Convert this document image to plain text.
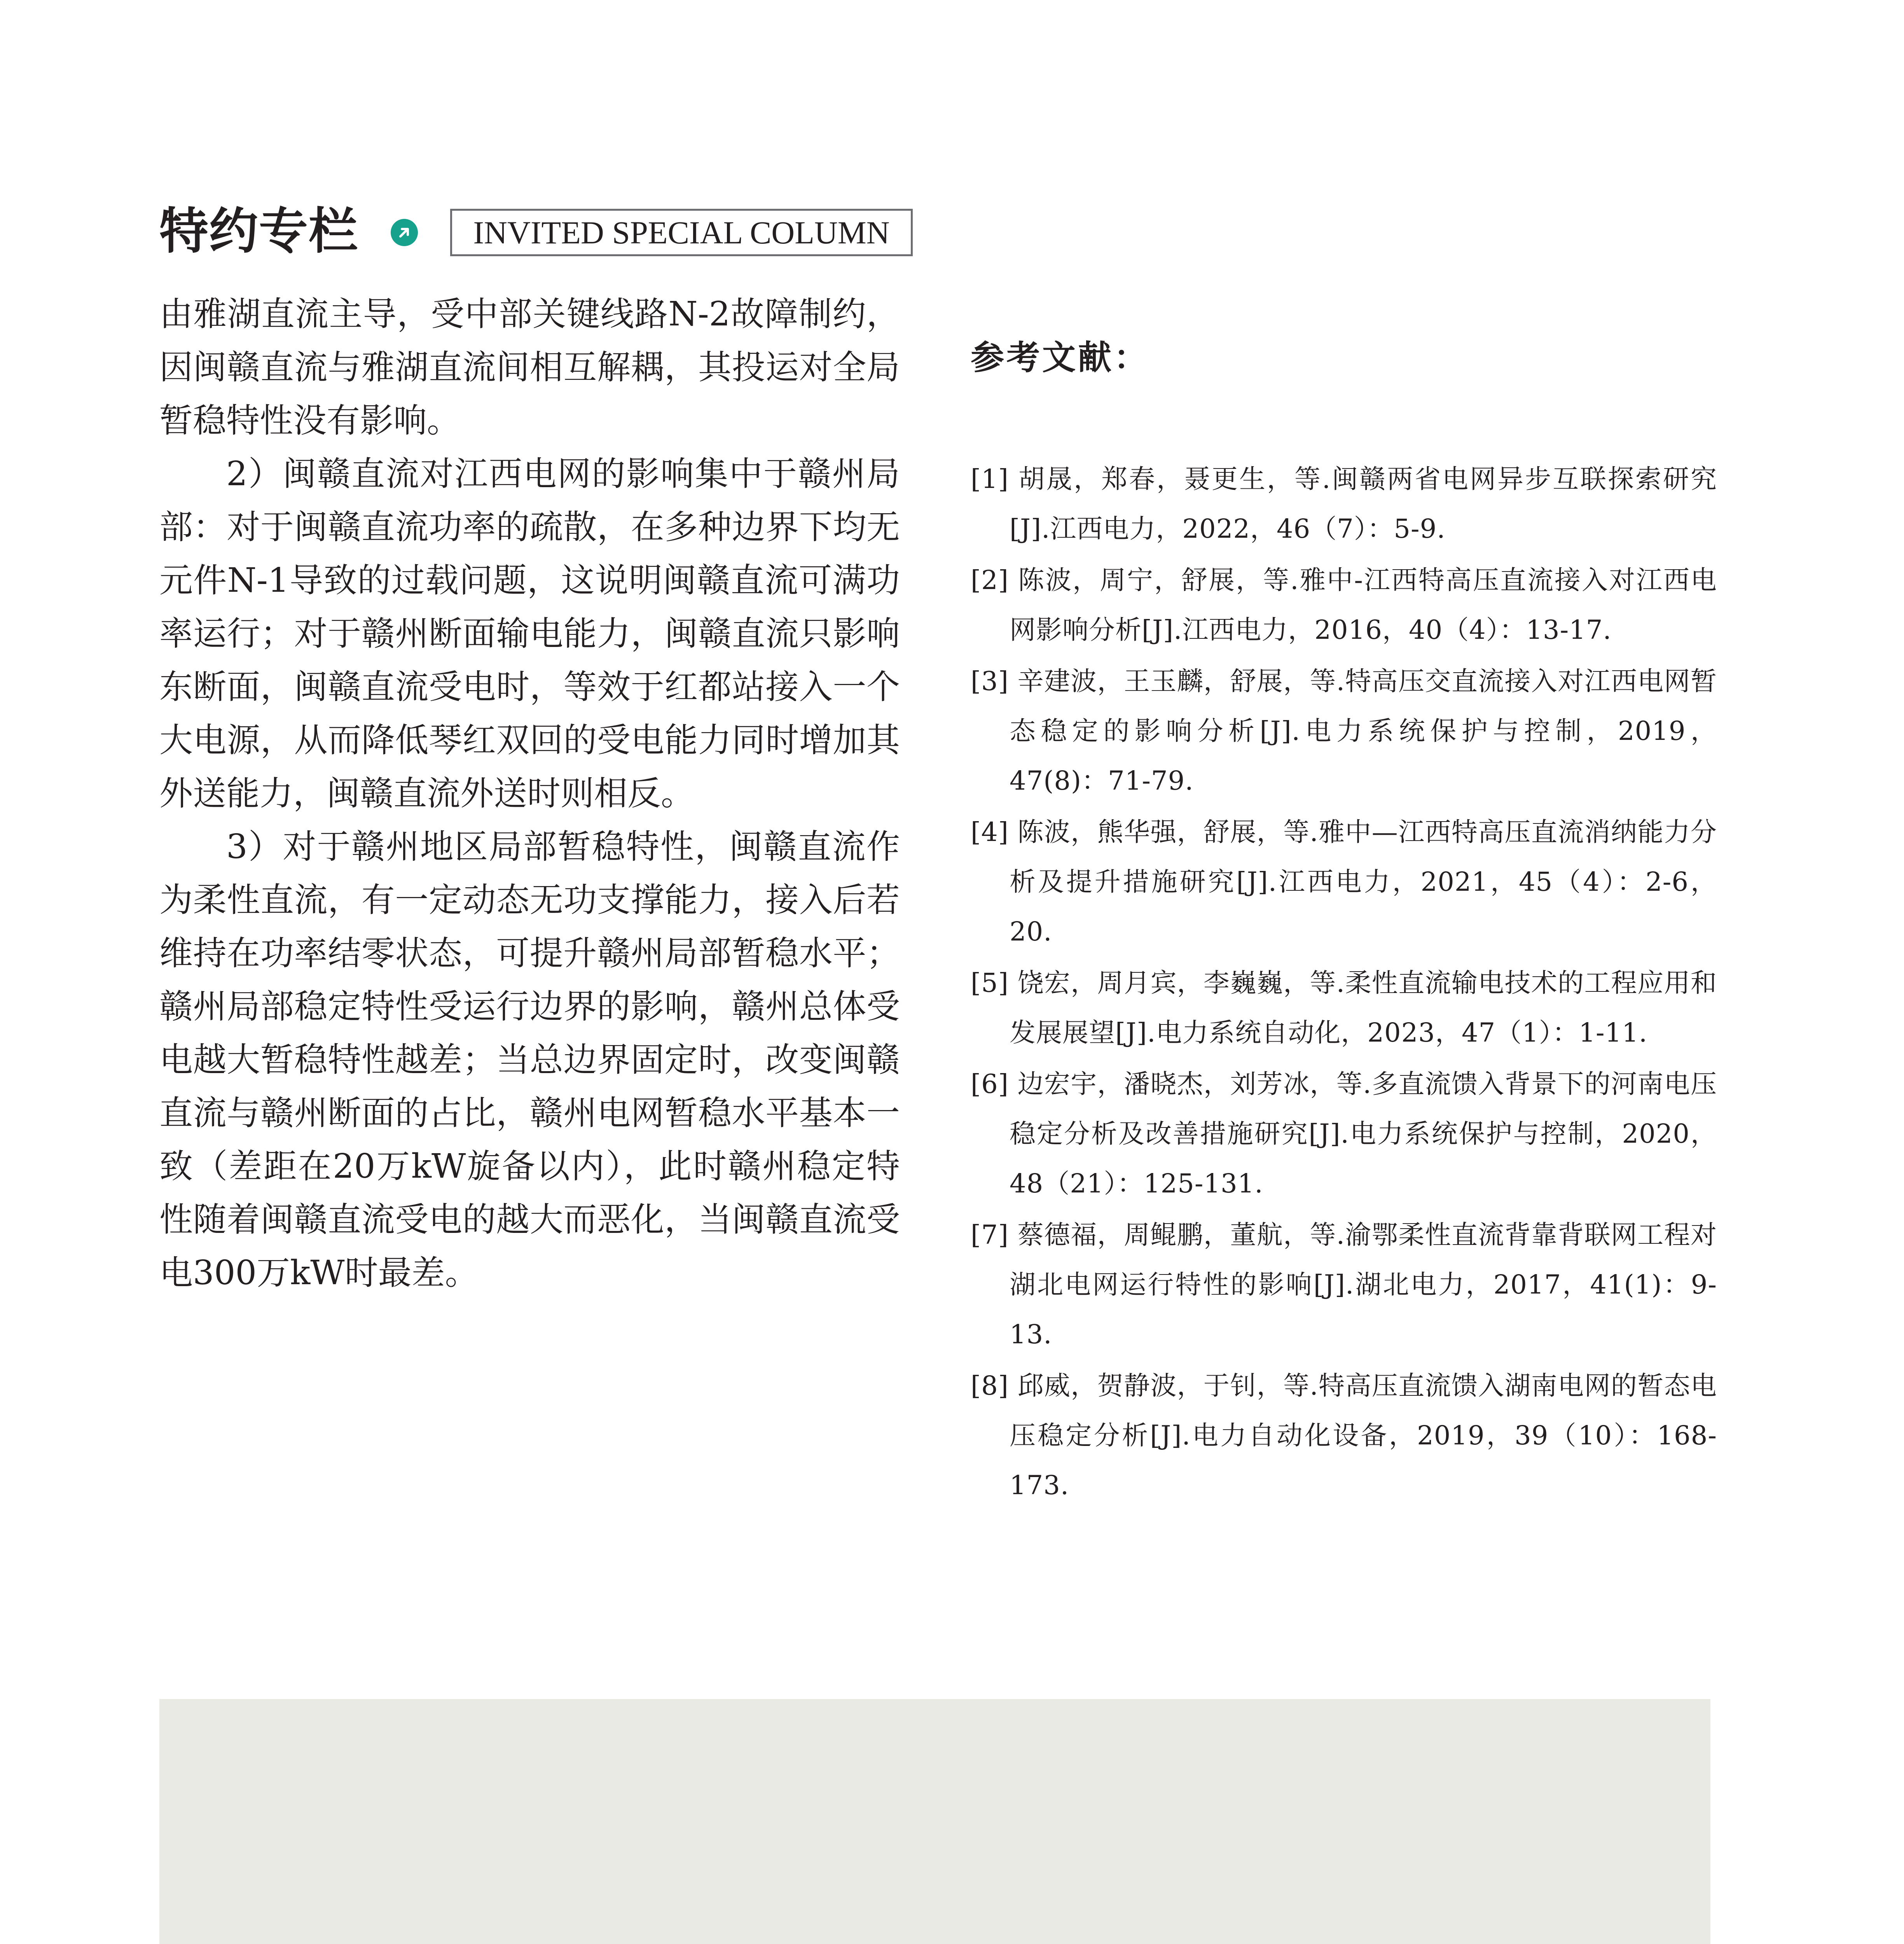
特约专栏	INVITED SPECIAL COLUMN

由雅湖直流主导，受中部关键线路N-2故障制约，因闽赣直流与雅湖直流间相互解耦，其投运对全局暂稳特性没有影响。

2）闽赣直流对江西电网的影响集中于赣州局部：对于闽赣直流功率的疏散，在多种边界下均无元件N-1导致的过载问题，这说明闽赣直流可满功率运行；对于赣州断面输电能力，闽赣直流只影响东断面，闽赣直流受电时，等效于红都站接入一个大电源，从而降低琴红双回的受电能力同时增加其外送能力，闽赣直流外送时则相反。

3）对于赣州地区局部暂稳特性，闽赣直流作为柔性直流，有一定动态无功支撑能力，接入后若维持在功率结零状态，可提升赣州局部暂稳水平；赣州局部稳定特性受运行边界的影响，赣州总体受电越大暂稳特性越差；当总边界固定时，改变闽赣直流与赣州断面的占比，赣州电网暂稳水平基本一致（差距在20万kW旋备以内），此时赣州稳定特性随着闽赣直流受电的越大而恶化，当闽赣直流受电300万kW时最差。

参考文献：
[1] 胡晟，郑春，聂更生，等.闽赣两省电网异步互联探索研究[J].江西电力，2022，46（7）：5-9.
[2] 陈波，周宁，舒展，等.雅中-江西特高压直流接入对江西电网影响分析[J].江西电力，2016，40（4）：13-17.
[3] 辛建波，王玉麟，舒展，等.特高压交直流接入对江西电网暂态稳定的影响分析[J].电力系统保护与控制，2019，47(8)：71-79.
[4] 陈波，熊华强，舒展，等.雅中—江西特高压直流消纳能力分析及提升措施研究[J].江西电力，2021，45（4）：2-6，20.
[5] 饶宏，周月宾，李巍巍，等.柔性直流输电技术的工程应用和发展展望[J].电力系统自动化，2023，47（1）：1-11.
[6] 边宏宇，潘晓杰，刘芳冰，等.多直流馈入背景下的河南电压稳定分析及改善措施研究[J].电力系统保护与控制，2020，48（21）：125-131.
[7] 蔡德福，周鲲鹏，董航，等.渝鄂柔性直流背靠背联网工程对湖北电网运行特性的影响[J].湖北电力，2017，41(1)：9-13.
[8] 邱威，贺静波，于钊，等.特高压直流馈入湖南电网的暂态电压稳定分析[J].电力自动化设备，2019，39（10）：168-173.
